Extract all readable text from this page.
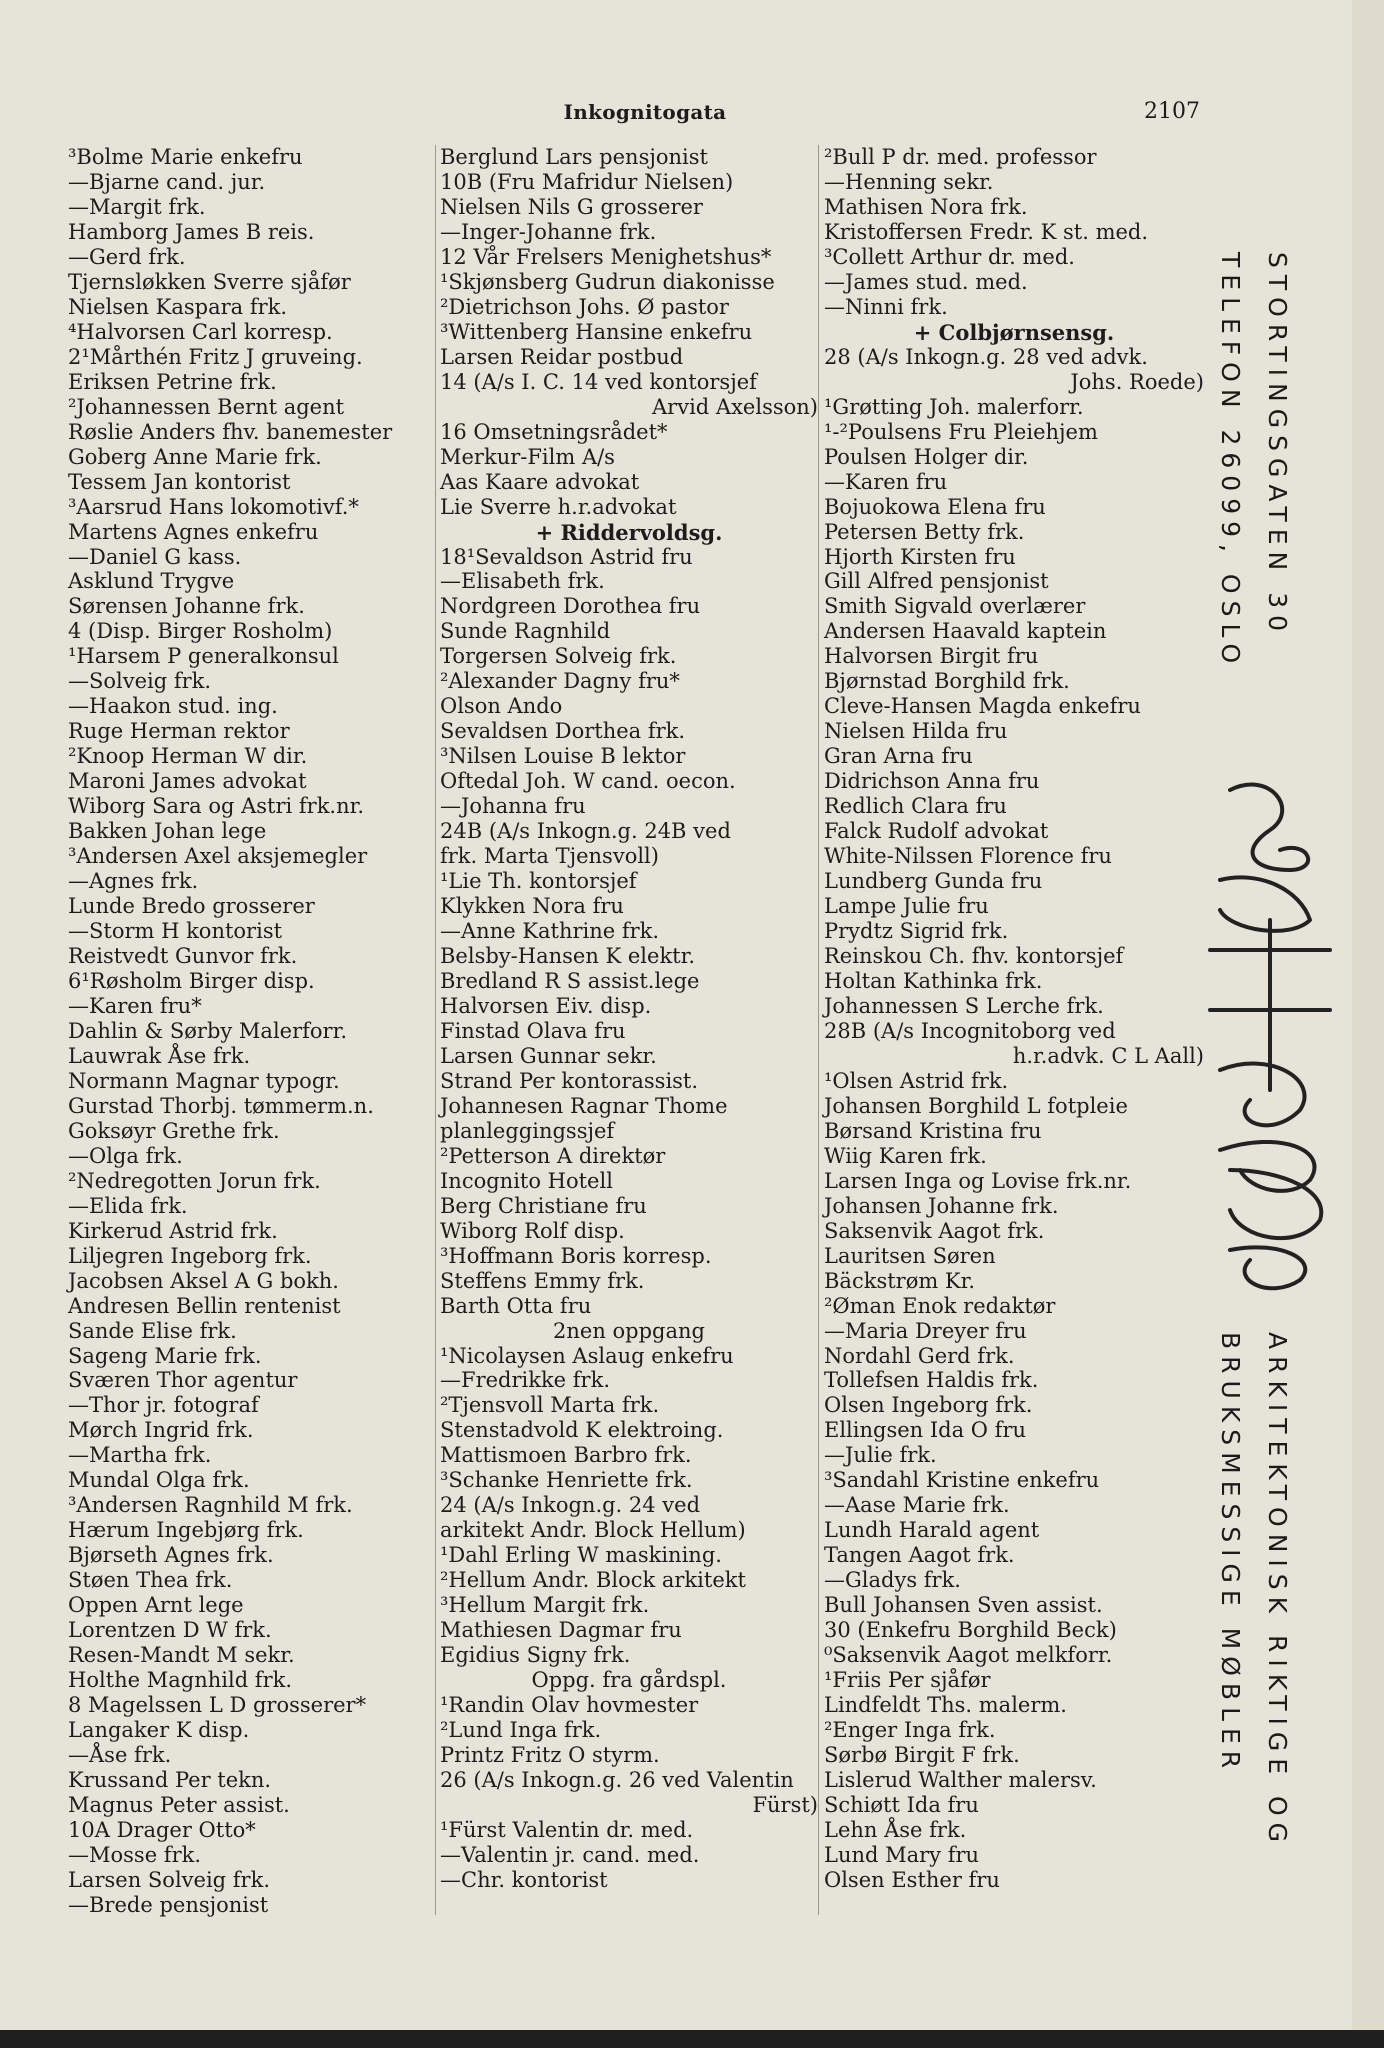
Inkognitogata	2107
³Bolme Marie enkefru
—Bjarne cand. jur.
—Margit frk.
Hamborg James B reis.
—Gerd frk.
Tjernsløkken Sverre sjåfør
Nielsen Kaspara frk.
⁴Halvorsen Carl korresp.
2¹Mårthén Fritz J gruveing.
Eriksen Petrine frk.
²Johannessen Bernt agent
Røslie Anders fhv. banemester
Goberg Anne Marie frk.
Tessem Jan kontorist
³Aarsrud Hans lokomotivf.*
Martens Agnes enkefru
—Daniel G kass.
Asklund Trygve
Sørensen Johanne frk.
4 (Disp. Birger Rosholm)
¹Harsem P generalkonsul
—Solveig frk.
—Haakon stud. ing.
Ruge Herman rektor
²Knoop Herman W dir.
Maroni James advokat
Wiborg Sara og Astri frk.nr.
Bakken Johan lege
³Andersen Axel aksjemegler
—Agnes frk.
Lunde Bredo grosserer
—Storm H kontorist
Reistvedt Gunvor frk.
6¹Røsholm Birger disp.
—Karen fru*
Dahlin & Sørby Malerforr.
Lauwrak Åse frk.
Normann Magnar typogr.
Gurstad Thorbj. tømmerm.n.
Goksøyr Grethe frk.
—Olga frk.
²Nedregotten Jorun frk.
—Elida frk.
Kirkerud Astrid frk.
Liljegren Ingeborg frk.
Jacobsen Aksel A G bokh.
Andresen Bellin rentenist
Sande Elise frk.
Sageng Marie frk.
Sværen Thor agentur
—Thor jr. fotograf
Mørch Ingrid frk.
—Martha frk.
Mundal Olga frk.
³Andersen Ragnhild M frk.
Hærum Ingebjørg frk.
Bjørseth Agnes frk.
Støen Thea frk.
Oppen Arnt lege
Lorentzen D W frk.
Resen-Mandt M sekr.
Holthe Magnhild frk.
8 Magelssen L D grosserer*
Langaker K disp.
—Åse frk.
Krussand Per tekn.
Magnus Peter assist.
10A Drager Otto*
—Mosse frk.
Larsen Solveig frk.
—Brede pensjonist
Berglund Lars pensjonist
10B (Fru Mafridur Nielsen)
Nielsen Nils G grosserer
—Inger-Johanne frk.
12 Vår Frelsers Menighetshus*
¹Skjønsberg Gudrun diakonisse
²Dietrichson Johs. Ø pastor
³Wittenberg Hansine enkefru
Larsen Reidar postbud
14 (A/s I. C. 14 ved kontorsjef
Arvid Axelsson)
16 Omsetningsrådet*
Merkur-Film A/s
Aas Kaare advokat
Lie Sverre h.r.advokat
+ Riddervoldsg.
18¹Sevaldson Astrid fru
—Elisabeth frk.
Nordgreen Dorothea fru
Sunde Ragnhild
Torgersen Solveig frk.
²Alexander Dagny fru*
Olson Ando
Sevaldsen Dorthea frk.
³Nilsen Louise B lektor
Oftedal Joh. W cand. oecon.
—Johanna fru
24B (A/s Inkogn.g. 24B ved
frk. Marta Tjensvoll)
¹Lie Th. kontorsjef
Klykken Nora fru
—Anne Kathrine frk.
Belsby-Hansen K elektr.
Bredland R S assist.lege
Halvorsen Eiv. disp.
Finstad Olava fru
Larsen Gunnar sekr.
Strand Per kontorassist.
Johannesen Ragnar Thome
planleggingssjef
²Petterson A direktør
Incognito Hotell
Berg Christiane fru
Wiborg Rolf disp.
³Hoffmann Boris korresp.
Steffens Emmy frk.
Barth Otta fru
2nen oppgang
¹Nicolaysen Aslaug enkefru
—Fredrikke frk.
²Tjensvoll Marta frk.
Stenstadvold K elektroing.
Mattismoen Barbro frk.
³Schanke Henriette frk.
24 (A/s Inkogn.g. 24 ved
arkitekt Andr. Block Hellum)
¹Dahl Erling W maskining.
²Hellum Andr. Block arkitekt
³Hellum Margit frk.
Mathiesen Dagmar fru
Egidius Signy frk.
Oppg. fra gårdspl.
¹Randin Olav hovmester
²Lund Inga frk.
Printz Fritz O styrm.
26 (A/s Inkogn.g. 26 ved Valentin
Fürst)
¹Fürst Valentin dr. med.
—Valentin jr. cand. med.
—Chr. kontorist
²Bull P dr. med. professor
—Henning sekr.
Mathisen Nora frk.
Kristoffersen Fredr. K st. med.
³Collett Arthur dr. med.
—James stud. med.
—Ninni frk.
+ Colbjørnsensg.
28 (A/s Inkogn.g. 28 ved advk.
Johs. Roede)
¹Grøtting Joh. malerforr.
¹-²Poulsens Fru Pleiehjem
Poulsen Holger dir.
—Karen fru
Bojuokowa Elena fru
Petersen Betty frk.
Hjorth Kirsten fru
Gill Alfred pensjonist
Smith Sigvald overlærer
Andersen Haavald kaptein
Halvorsen Birgit fru
Bjørnstad Borghild frk.
Cleve-Hansen Magda enkefru
Nielsen Hilda fru
Gran Arna fru
Didrichson Anna fru
Redlich Clara fru
Falck Rudolf advokat
White-Nilssen Florence fru
Lundberg Gunda fru
Lampe Julie fru
Prydtz Sigrid frk.
Reinskou Ch. fhv. kontorsjef
Holtan Kathinka frk.
Johannessen S Lerche frk.
28B (A/s Incognitoborg ved
h.r.advk. C L Aall)
¹Olsen Astrid frk.
Johansen Borghild L fotpleie
Børsand Kristina fru
Wiig Karen frk.
Larsen Inga og Lovise frk.nr.
Johansen Johanne frk.
Saksenvik Aagot frk.
Lauritsen Søren
Bäckstrøm Kr.
²Øman Enok redaktør
—Maria Dreyer fru
Nordahl Gerd frk.
Tollefsen Haldis frk.
Olsen Ingeborg frk.
Ellingsen Ida O fru
—Julie frk.
³Sandahl Kristine enkefru
—Aase Marie frk.
Lundh Harald agent
Tangen Aagot frk.
—Gladys frk.
Bull Johansen Sven assist.
30 (Enkefru Borghild Beck)
⁰Saksenvik Aagot melkforr.
¹Friis Per sjåfør
Lindfeldt Ths. malerm.
²Enger Inga frk.
Sørbø Birgit F frk.
Lislerud Walther malersv.
Schiøtt Ida fru
Lehn Åse frk.
Lund Mary fru
Olsen Esther fru
STORTINGSGATEN 30
TELEFON 26099, OSLO
ARKITEKTONISK RIKTIGE OG
BRUKSMESSIGE MØBLER
